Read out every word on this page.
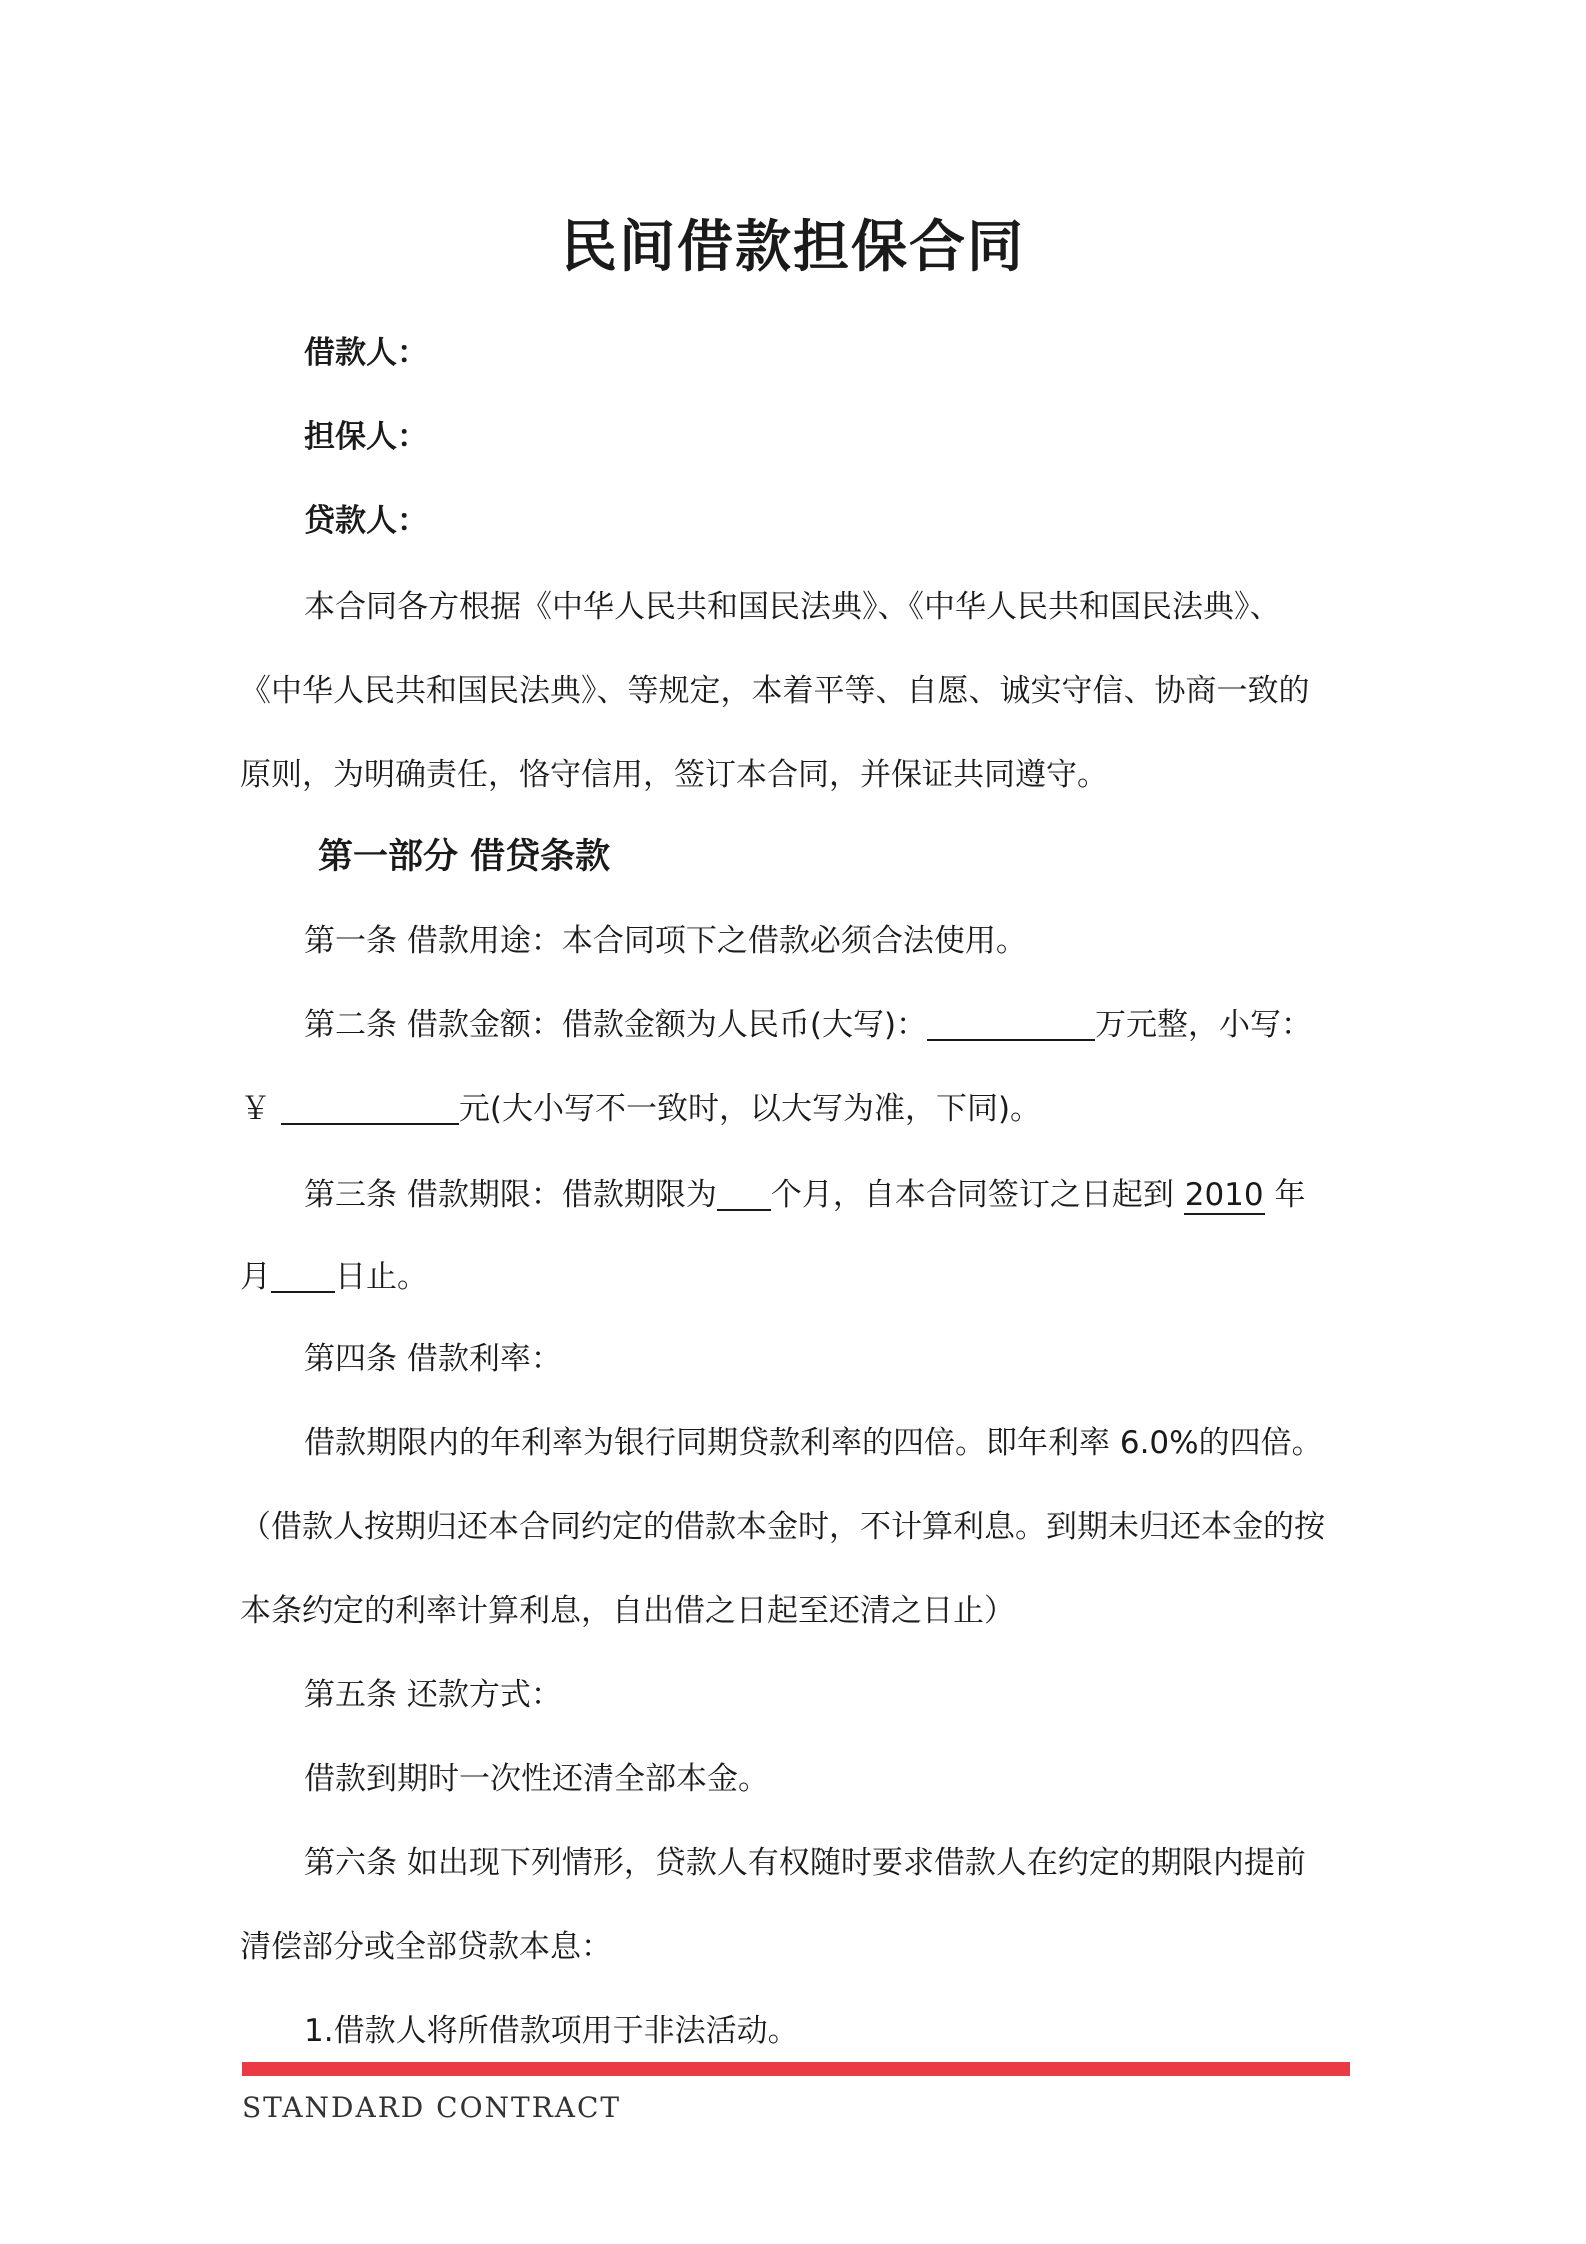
民间借款担保合同

借款人：

担保人：

贷款人：

本合同各方根据《中华人民共和国民法典》、《中华人民共和国民法典》、

《中华人民共和国民法典》、等规定，本着平等、自愿、诚实守信、协商一致的

原则，为明确责任，恪守信用，签订本合同，并保证共同遵守。

第一部分 借贷条款

第一条 借款用途：本合同项下之借款必须合法使用。

第二条 借款金额：借款金额为人民币(大写)：	万元整，小写：

￥	元(大小写不一致时，以大写为准，下同)。

第三条 借款期限：借款期限为 个月，自本合同签订之日起到 2010 年

月 日止。

第四条 借款利率：

借款期限内的年利率为银行同期贷款利率的四倍。即年利率 6.0%的四倍。

（借款人按期归还本合同约定的借款本金时，不计算利息。到期未归还本金的按

本条约定的利率计算利息，自出借之日起至还清之日止）

第五条 还款方式：

借款到期时一次性还清全部本金。

第六条 如出现下列情形，贷款人有权随时要求借款人在约定的期限内提前

清偿部分或全部贷款本息：

1.借款人将所借款项用于非法活动。

STANDARD CONTRACT
